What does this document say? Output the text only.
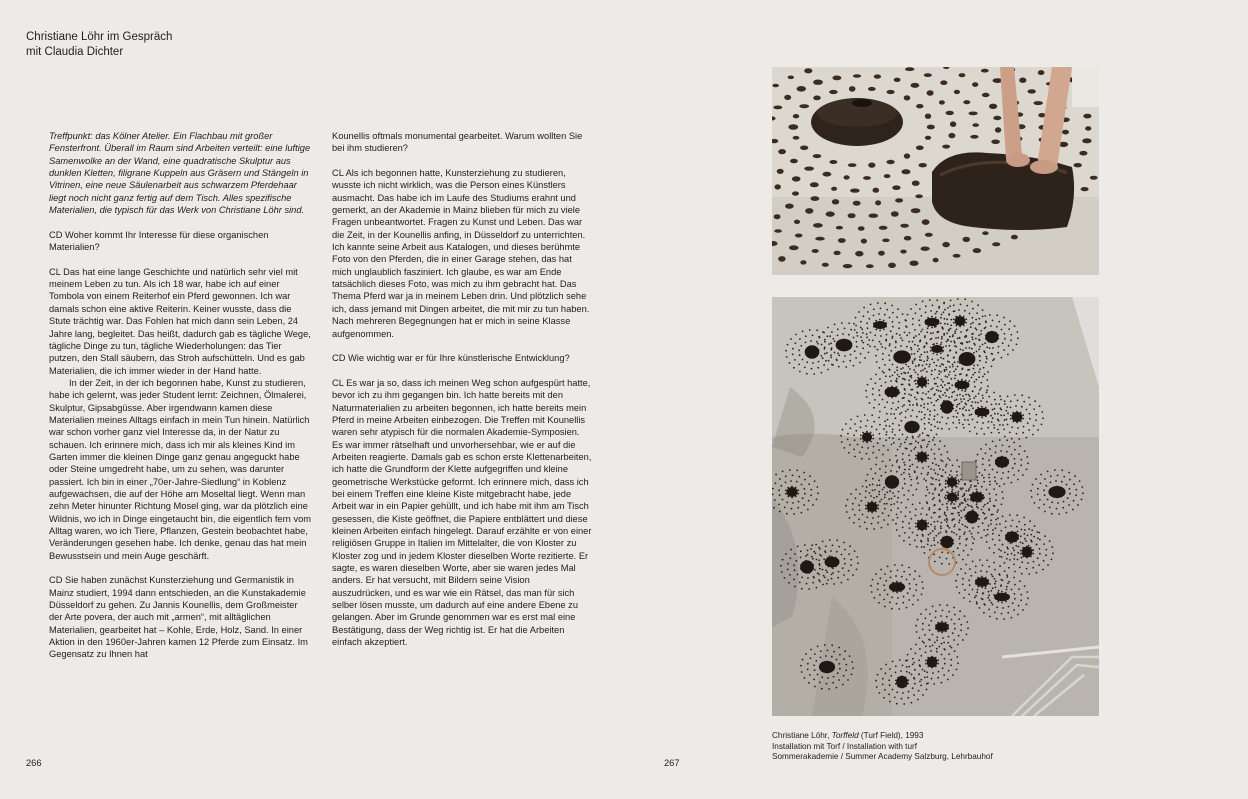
Christiane Löhr im Gespräch
mit Claudia Dichter

Treffpunkt: das Kölner Atelier. Ein Flachbau mit großer Fensterfront. Überall im Raum sind Arbeiten verteilt: eine luftige Samenwolke an der Wand, eine quadratische Skulptur aus dunklen Kletten, filigrane Kuppeln aus Gräsern und Stängeln in Vitrinen, eine neue Säulenarbeit aus schwarzem Pferdehaar liegt noch nicht ganz fertig auf dem Tisch. Alles spezifische Materialien, die typisch für das Werk von Christiane Löhr sind.

CD Woher kommt Ihr Interesse für diese organischen Materialien?

CL Das hat eine lange Geschichte und natürlich sehr viel mit meinem Leben zu tun. Als ich 18 war, habe ich auf einer Tombola von einem Reiterhof ein Pferd gewonnen. Ich war damals schon eine aktive Reiterin. Keiner wusste, dass die Stute trächtig war. Das Fohlen hat mich dann sein Leben, 24 Jahre lang, begleitet. Das heißt, dadurch gab es tägliche Wege, tägliche Dinge zu tun, tägliche Wiederholungen: das Tier putzen, den Stall säubern, das Stroh aufschütteln. Und es gab Materialien, die ich immer wieder in der Hand hatte.

In der Zeit, in der ich begonnen habe, Kunst zu studieren, habe ich gelernt, was jeder Student lernt: Zeichnen, Ölmalerei, Skulptur, Gipsabgüsse. Aber irgendwann kamen diese Materialien meines Alltags einfach in mein Tun hinein. Natürlich war schon vorher ganz viel Interesse da, in der Natur zu schauen. Ich erinnere mich, dass ich mir als kleines Kind im Garten immer die kleinen Dinge ganz genau angeguckt habe oder Steine umgedreht habe, um zu sehen, was darunter passiert. Ich bin in einer „70er-Jahre-Siedlung“ in Koblenz aufgewachsen, die auf der Höhe am Moseltal liegt. Wenn man zehn Meter hinunter Richtung Mosel ging, war da plötzlich eine Wildnis, wo ich in Dinge eingetaucht bin, die eigentlich fern vom Alltag waren, wo ich Tiere, Pflanzen, Gestein beobachtet habe, Veränderungen gesehen habe. Ich denke, genau das hat mein Bewusstsein und mein Auge geschärft.

CD Sie haben zunächst Kunsterziehung und Germanistik in Mainz studiert, 1994 dann entschieden, an die Kunstakademie Düsseldorf zu gehen. Zu Jannis Kounellis, dem Großmeister der Arte povera, der auch mit „armen“, mit alltäglichen Materialien, gearbeitet hat – Kohle, Erde, Holz, Sand. In einer Aktion in den 1960er-Jahren kamen 12 Pferde zum Einsatz. Im Gegensatz zu Ihnen hat

Kounellis oftmals monumental gearbeitet. Warum wollten Sie bei ihm studieren?

CL Als ich begonnen hatte, Kunsterziehung zu studieren, wusste ich nicht wirklich, was die Person eines Künstlers ausmacht. Das habe ich im Laufe des Studiums erahnt und gemerkt, an der Akademie in Mainz blieben für mich zu viele Fragen unbeantwortet. Fragen zu Kunst und Leben. Das war die Zeit, in der Kounellis anfing, in Düsseldorf zu unterrichten. Ich kannte seine Arbeit aus Katalogen, und dieses berühmte Foto von den Pferden, die in einer Garage stehen, das hat mich unglaublich fasziniert. Ich glaube, es war am Ende tatsächlich dieses Foto, was mich zu ihm gebracht hat. Das Thema Pferd war ja in meinem Leben drin. Und plötzlich sehe ich, dass jemand mit Dingen arbeitet, die mit mir zu tun haben. Nach mehreren Begegnungen hat er mich in seine Klasse aufgenommen.

CD Wie wichtig war er für Ihre künstlerische Entwicklung?

CL Es war ja so, dass ich meinen Weg schon aufgespürt hatte, bevor ich zu ihm gegangen bin. Ich hatte bereits mit den Naturmaterialien zu arbeiten begonnen, ich hatte bereits mein Pferd in meine Arbeiten einbezogen. Die Treffen mit Kounellis waren sehr atypisch für die normalen Akademie-Symposien. Es war immer rätselhaft und unvorhersehbar, wie er auf die Arbeiten reagierte. Damals gab es schon erste Klettenarbeiten, ich hatte die Grundform der Klette aufgegriffen und kleine geometrische Werkstücke geformt. Ich erinnere mich, dass ich bei einem Treffen eine kleine Kiste mitgebracht habe, jede Arbeit war in ein Papier gehüllt, und ich habe mit ihm am Tisch gesessen, die Kiste geöffnet, die Papiere entblättert und diese kleinen Arbeiten einfach hingelegt. Darauf erzählte er von einer religiösen Gruppe in Italien im Mittelalter, die von Kloster zu Kloster zog und in jedem Kloster dieselben Worte rezitierte. Er sagte, es waren dieselben Worte, aber sie waren jedes Mal anders. Er hat versucht, mit Bildern seine Vision auszudrücken, und es war wie ein Rätsel, das man für sich selber lösen musste, um dadurch auf eine andere Ebene zu gelangen. Aber im Grunde genommen war es erst mal eine Bestätigung, dass der Weg richtig ist. Er hat die Arbeiten einfach akzeptiert.

266	267
Christiane Löhr, Torffeld (Turf Field), 1993
Installation mit Torf / Installation with turf
Sommerakademie / Summer Academy Salzburg, Lehrbauhof
